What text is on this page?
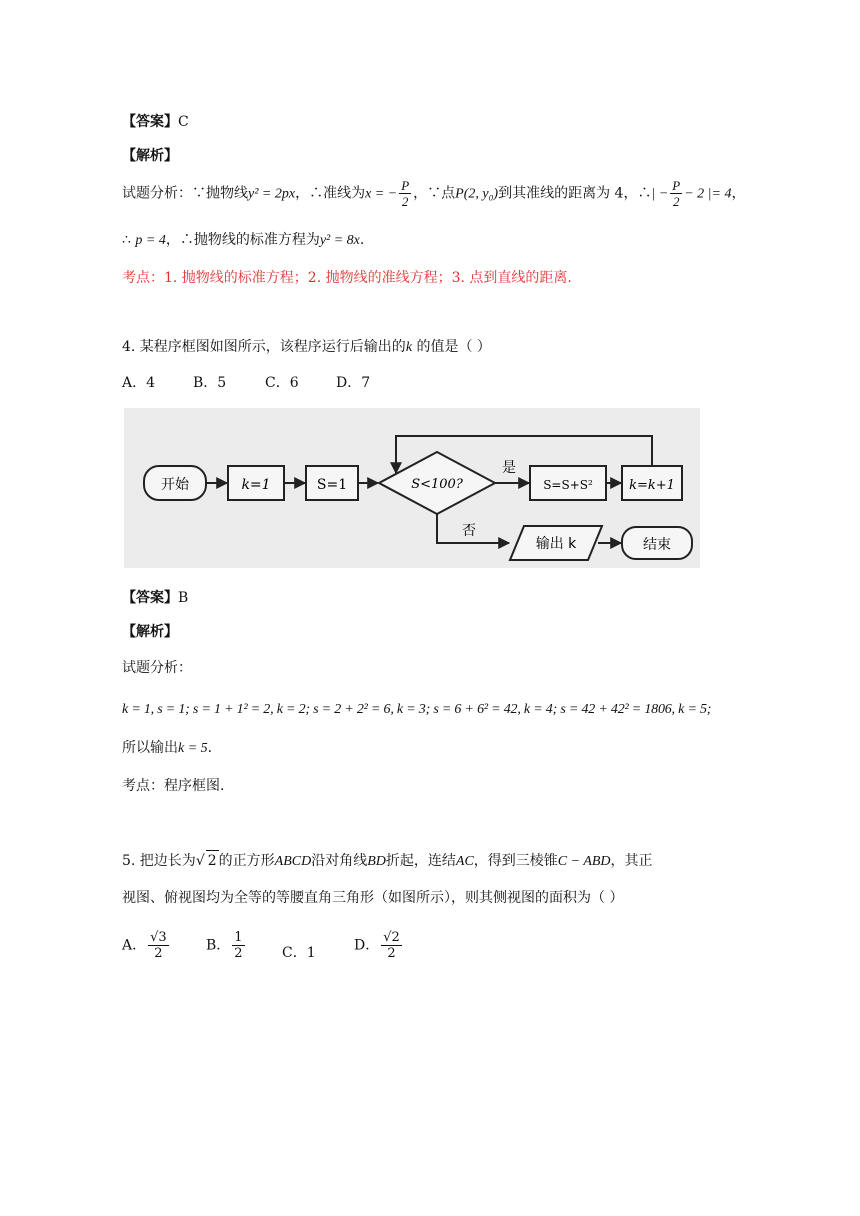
【答案】C
【解析】
试题分析：∵抛物线y² = 2px，∴准线为x = − $\frac{P}{2}$ ，∵点P(2, y₀)到其准线的距离为 4，∴| − $\frac{P}{2} - 2$ |= 4，
∴ p = 4，∴抛物线的标准方程为y² = 8x.
考点：1. 抛物线的标准方程；2. 抛物线的准线方程；3. 点到直线的距离.
4. 某程序框图如图所示，该程序运行后输出的k 的值是（ ）
A．4	B．5	C．6	D．7
开始	k=1	S=1	S<100?
是
S=S+S²	k=k+1
否
输出 k	结束
【答案】B
【解析】
试题分析：
k = 1, s = 1; s = 1 + 1² = 2, k = 2; s = 2 + 2² = 6, k = 3; s = 6 + 6² = 42, k = 4; s = 42 + 42² = 1806, k = 5;
所以输出k = 5.
考点：程序框图.
5. 把边长为√ 2 的正方形ABCD沿对角线BD折起，连结AC，得到三棱锥C − ABD，其正
视图、俯视图均为全等的等腰直角三角形（如图所示），则其侧视图的面积为（ ）
A． $\frac{√3}{2}$	B． $\frac{1}{2}$	C．1	D． $\frac{√2}{2}$
